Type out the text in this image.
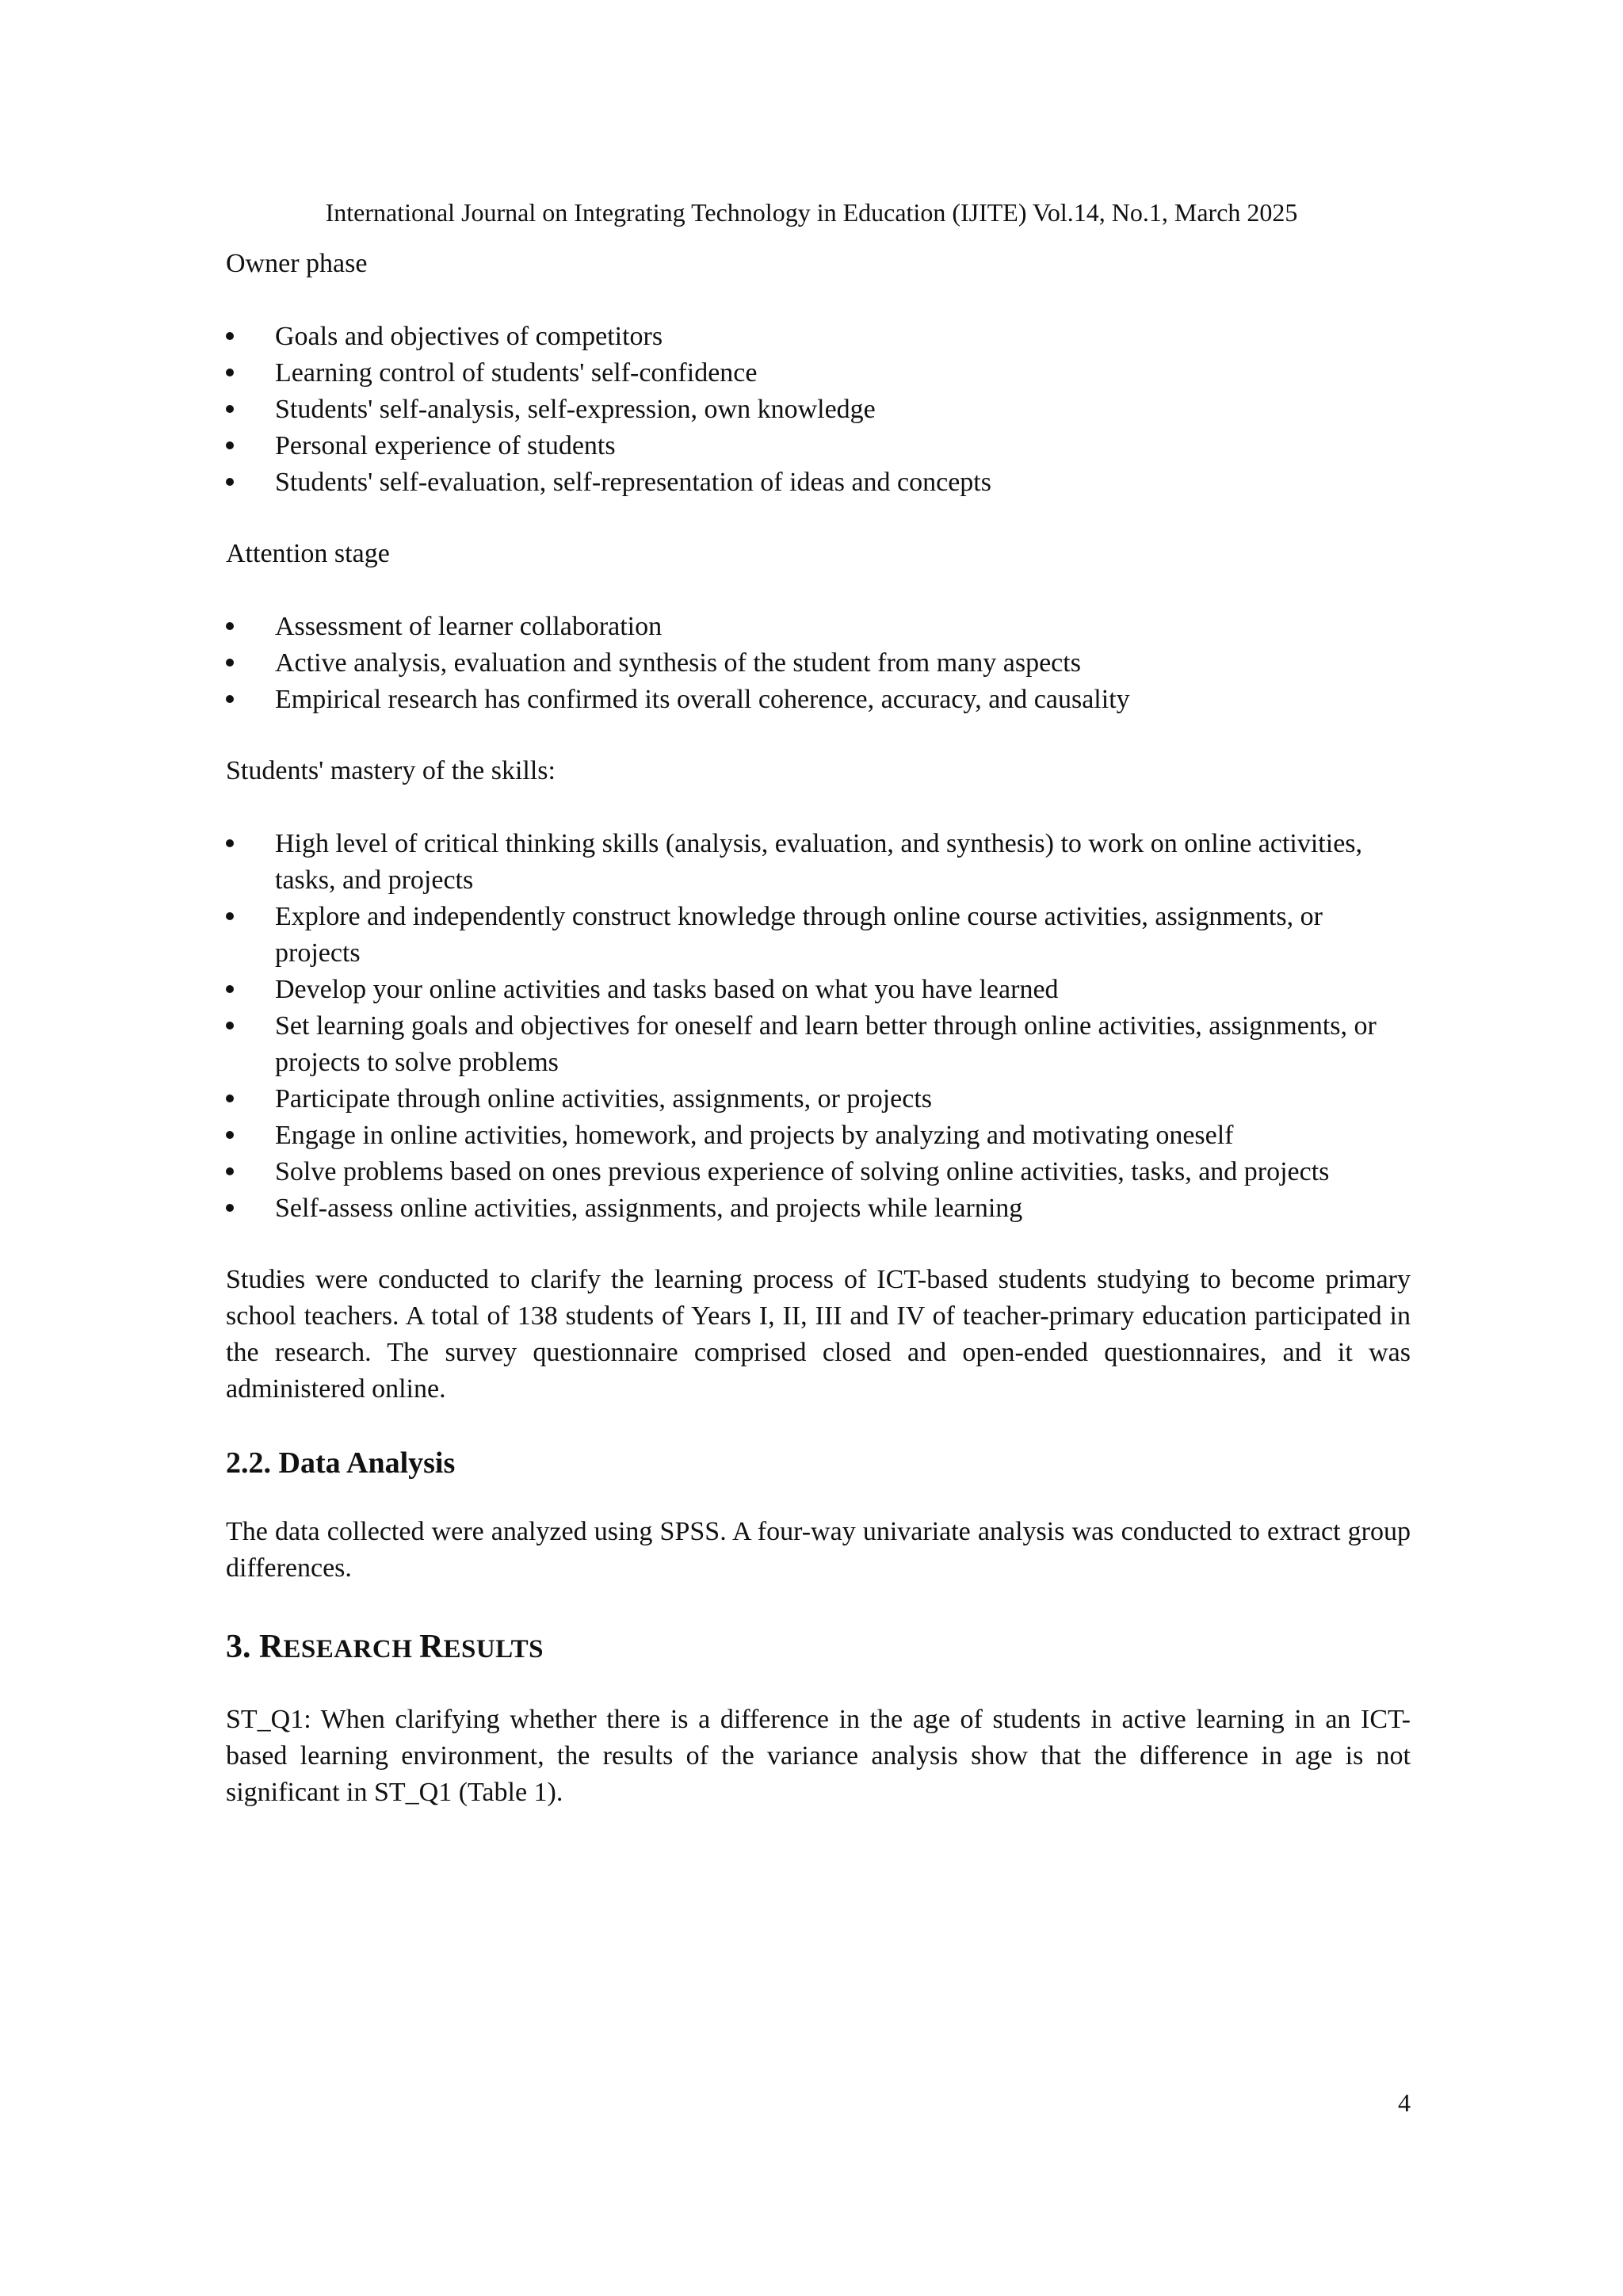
International Journal on Integrating Technology in Education (IJITE) Vol.14, No.1, March 2025

Owner phase

Goals and objectives of competitors
Learning control of students' self-confidence
Students' self-analysis, self-expression, own knowledge
Personal experience of students
Students' self-evaluation, self-representation of ideas and concepts

Attention stage

Assessment of learner collaboration
Active analysis, evaluation and synthesis of the student from many aspects
Empirical research has confirmed its overall coherence, accuracy, and causality

Students' mastery of the skills:

High level of critical thinking skills (analysis, evaluation, and synthesis) to work on online activities, tasks, and projects
Explore and independently construct knowledge through online course activities, assignments, or projects
Develop your online activities and tasks based on what you have learned
Set learning goals and objectives for oneself and learn better through online activities, assignments, or projects to solve problems
Participate through online activities, assignments, or projects
Engage in online activities, homework, and projects by analyzing and motivating oneself
Solve problems based on ones previous experience of solving online activities, tasks, and projects
Self-assess online activities, assignments, and projects while learning

Studies were conducted to clarify the learning process of ICT-based students studying to become primary school teachers. A total of 138 students of Years I, II, III and IV of teacher-primary education participated in the research. The survey questionnaire comprised closed and open-ended questionnaires, and it was administered online.

2.2. Data Analysis

The data collected were analyzed using SPSS. A four-way univariate analysis was conducted to extract group differences.

3. RESEARCH RESULTS

ST_Q1: When clarifying whether there is a difference in the age of students in active learning in an ICT-based learning environment, the results of the variance analysis show that the difference in age is not significant in ST_Q1 (Table 1).

4
